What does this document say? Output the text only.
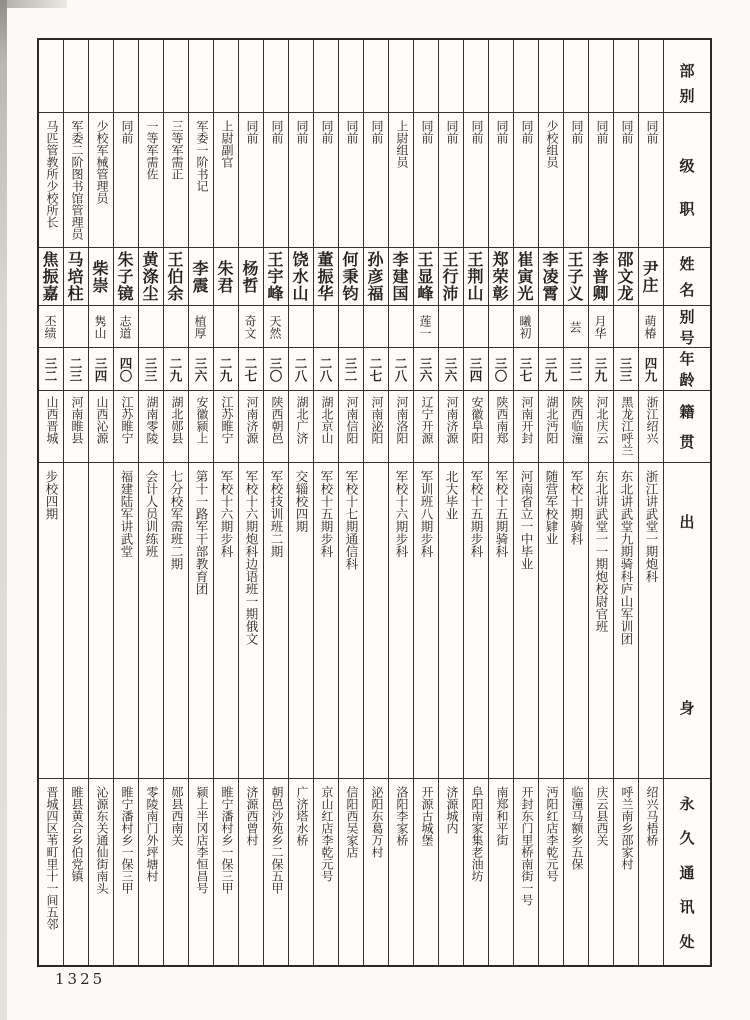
部
别
级
职
姓
名
别
号
年
龄
籍
贯
出
身
永
久
通
讯
处
同前
尹庄
萌椿
四九
浙江绍兴
浙江讲武堂一期炮科
绍兴马梧桥
同前
邵文龙
三三
黑龙江呼兰
东北讲武堂九期骑科庐山军训团
呼兰南乡邵家村
同前
李普卿
月华
三九
河北庆云
东北讲武堂一一期炮校尉官班
庆云县西关
同前
王子义
芸
三二
陕西临潼
军校十期骑科
临潼马额乡五保
少校组员
李凌霄
三九
湖北沔阳
随营军校肄业
沔阳红店李乾元号
同前
崔寅光
曦初
三七
河南开封
河南省立一中毕业
开封东门里桥南街一号
同前
郑荣彰
三〇
陕西南郑
军校十五期骑科
南郑和平街
同前
王荆山
三四
安徽阜阳
军校十五期步科
阜阳南家集老油坊
同前
王行沛
三六
河南济源
北大毕业
济源城内
同前
王显峰
莲一
三六
辽宁开源
军训班八期步科
开源古城堡
上尉组员
李建国
二八
河南洛阳
军校十六期步科
洛阳李家桥
同前
孙彦福
二七
河南泌阳
泌阳东葛万村
同前
何秉钧
三二
河南信阳
军校十七期通信科
信阳西吴家店
同前
董振华
二八
湖北京山
军校十五期步科
京山红店李乾元号
同前
饶水山
二八
湖北广济
交辎校四期
广济塔水桥
同前
王宇峰
天然
三〇
陕西朝邑
军校技训班二期
朝邑沙苑乡二保五甲
同前
杨哲
奇文
二七
河南济源
军校十六期炮科边语班一期俄文
济源西曾村
上尉副官
朱君
二九
江苏睢宁
军校十六期步科
睢宁潘村乡一保三甲
军委一阶书记
李震
植厚
三六
安徽颍上
第十一路军干部教育团
颍上半冈店李恒昌号
三等军需正
王伯余
二九
湖北郧县
七分校军需班二期
郧县西南关
一等军需佐
黄涤尘
三三
湖南零陵
会计人员训练班
零陵南门外坪塘村
同前
朱子镜
志道
四〇
江苏睢宁
福建陆军讲武堂
睢宁潘村乡一保三甲
少校军械管理员
柴崇
隽山
三四
山西沁源
沁源东关通仙街南头
军委二阶图书馆管理员
马培柱
二三
河南睢县
睢县黄合乡伯党镇
马匹管教所少校所长
焦振嘉
丕绩
三二
山西晋城
步校四期
晋城四区苇町里十一间五邻
1325
